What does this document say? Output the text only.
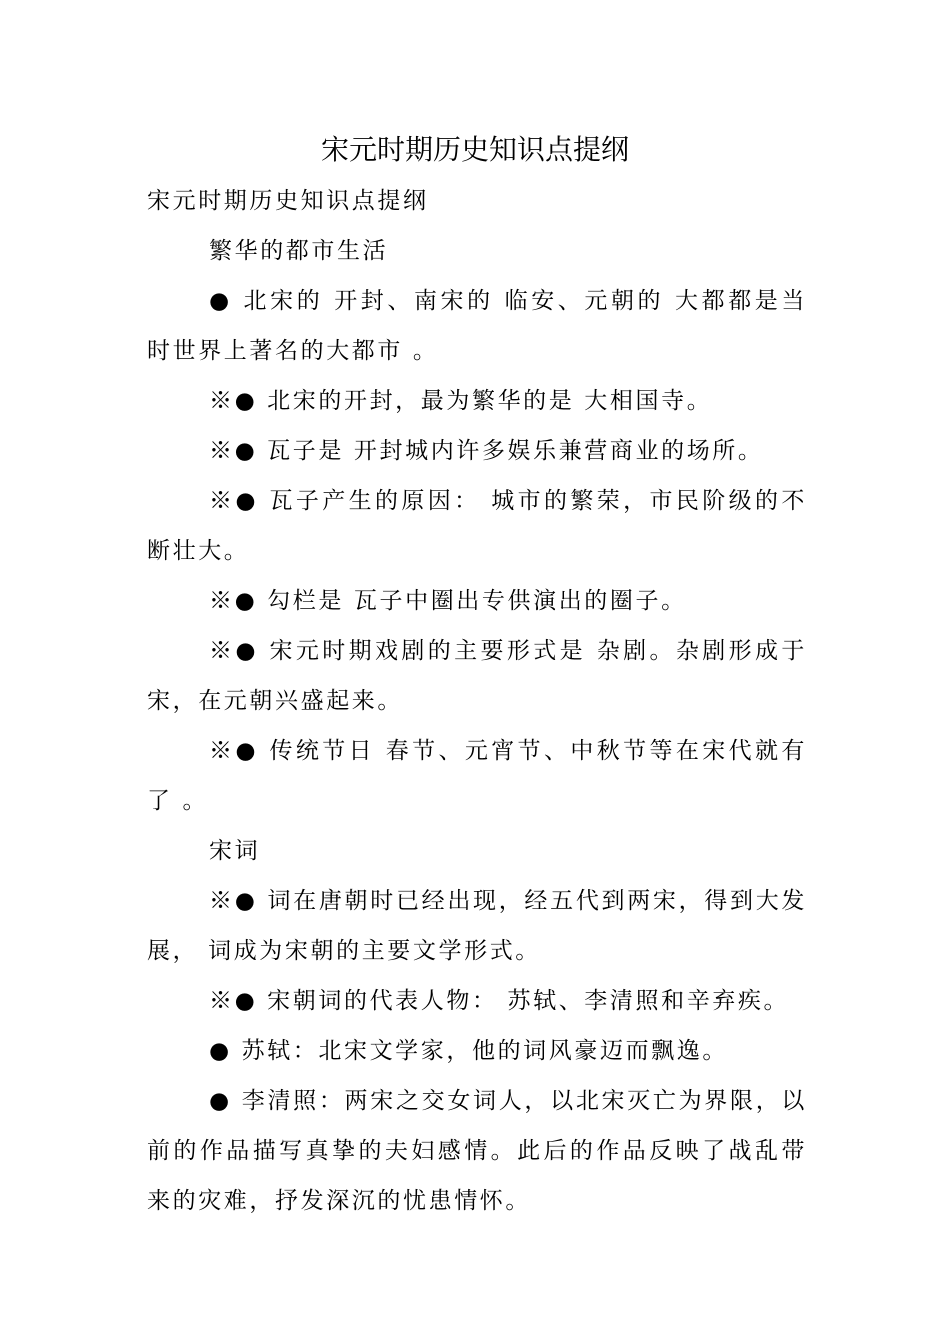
宋元时期历史知识点提纲

宋元时期历史知识点提纲

繁华的都市生活

● 北宋的 开封、南宋的 临安、元朝的 大都都是当时世界上著名的大都市 。

※● 北宋的开封，最为繁华的是 大相国寺。

※● 瓦子是 开封城内许多娱乐兼营商业的场所。

※● 瓦子产生的原因： 城市的繁荣，市民阶级的不断壮大。

※● 勾栏是 瓦子中圈出专供演出的圈子。

※● 宋元时期戏剧的主要形式是 杂剧。杂剧形成于宋，在元朝兴盛起来。

※● 传统节日 春节、元宵节、中秋节等在宋代就有了 。

宋词

※● 词在唐朝时已经出现，经五代到两宋，得到大发展， 词成为宋朝的主要文学形式。

※● 宋朝词的代表人物： 苏轼、李清照和辛弃疾。

● 苏轼：北宋文学家，他的词风豪迈而飘逸。

● 李清照：两宋之交女词人，以北宋灭亡为界限，以前的作品描写真挚的夫妇感情。此后的作品反映了战乱带来的灾难，抒发深沉的忧患情怀。
